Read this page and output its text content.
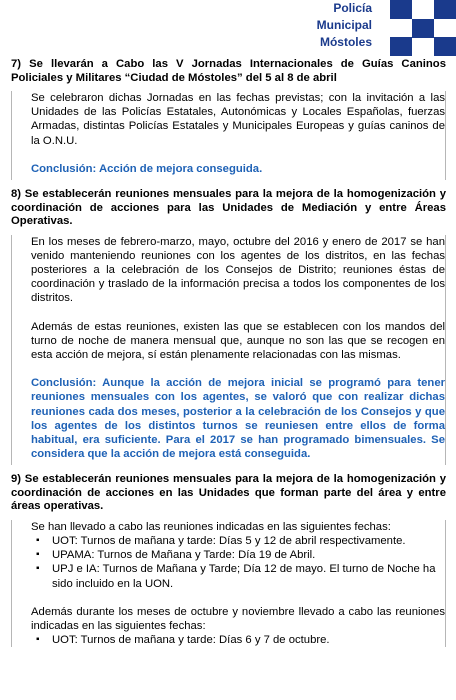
Policía
Municipal
Móstoles

7) Se llevarán a Cabo las V Jornadas Internacionales de Guías Caninos Policiales y Militares “Ciudad de Móstoles” del 5 al 8 de abril

Se celebraron dichas Jornadas en las fechas previstas; con la invitación a las Unidades de las Policías Estatales, Autonómicas y Locales Españolas, fuerzas Armadas, distintas Policías Estatales y Municipales Europeas y guías caninos de la O.N.U.

Conclusión: Acción de mejora conseguida.

8) Se establecerán reuniones mensuales para la mejora de la homogenización y coordinación de acciones para las Unidades de Mediación y entre Áreas Operativas.

En los meses de febrero-marzo, mayo, octubre del 2016 y enero de 2017 se han venido manteniendo reuniones con los agentes de los distritos, en las fechas posteriores a la celebración de los Consejos de Distrito; reuniones éstas de coordinación y traslado de la información precisa a todos los componentes de los distritos.

Además de estas reuniones, existen las que se establecen con los mandos del turno de noche de manera mensual que, aunque no son las que se recogen en esta acción de mejora, sí están plenamente relacionadas con las mismas.

Conclusión: Aunque la acción de mejora inicial se programó para tener reuniones mensuales con los agentes, se valoró que con realizar dichas reuniones cada dos meses, posterior a la celebración de los Consejos y que los agentes de los distintos turnos se reuniesen entre ellos de forma habitual, era suficiente. Para el 2017 se han programado bimensuales. Se considera que la acción de mejora está conseguida.

9) Se establecerán reuniones mensuales para la mejora de la homogenización y coordinación de acciones en las Unidades que forman parte del área y entre áreas operativas.

Se han llevado a cabo las reuniones indicadas en las siguientes fechas:

▪ UOT: Turnos de mañana y tarde: Días 5 y 12 de abril respectivamente.
▪ UPAMA: Turnos de Mañana y Tarde: Día 19 de Abril.
▪ UPJ e IA: Turnos de Mañana y Tarde; Día 12 de mayo. El turno de Noche ha sido incluido en la UON.

Además durante los meses de octubre y noviembre llevado a cabo las reuniones indicadas en las siguientes fechas:

▪ UOT: Turnos de mañana y tarde: Días 6 y 7 de octubre.
